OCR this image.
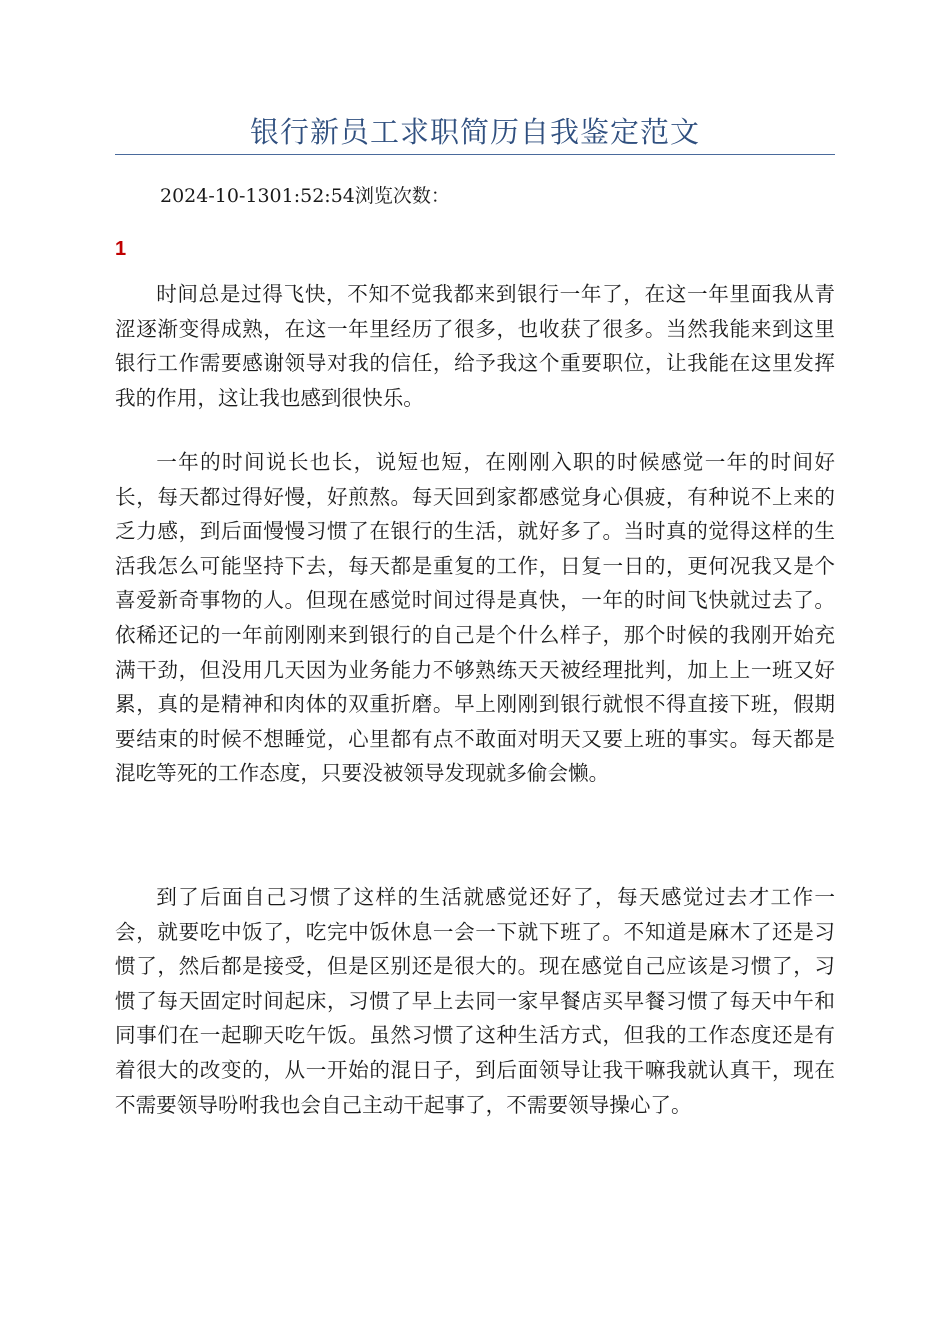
银行新员工求职简历自我鉴定范文
2024-10-1301:52:54浏览次数：
1

时间总是过得飞快，不知不觉我都来到银行一年了，在这一年里面我从青涩逐渐变得成熟，在这一年里经历了很多，也收获了很多。当然我能来到这里银行工作需要感谢领导对我的信任，给予我这个重要职位，让我能在这里发挥我的作用，这让我也感到很快乐。

一年的时间说长也长，说短也短，在刚刚入职的时候感觉一年的时间好长，每天都过得好慢，好煎熬。每天回到家都感觉身心俱疲，有种说不上来的乏力感，到后面慢慢习惯了在银行的生活，就好多了。当时真的觉得这样的生活我怎么可能坚持下去，每天都是重复的工作，日复一日的，更何况我又是个喜爱新奇事物的人。但现在感觉时间过得是真快，一年的时间飞快就过去了。依稀还记的一年前刚刚来到银行的自己是个什么样子，那个时候的我刚开始充满干劲，但没用几天因为业务能力不够熟练天天被经理批判，加上上一班又好累，真的是精神和肉体的双重折磨。早上刚刚到银行就恨不得直接下班，假期要结束的时候不想睡觉，心里都有点不敢面对明天又要上班的事实。每天都是混吃等死的工作态度，只要没被领导发现就多偷会懒。

到了后面自己习惯了这样的生活就感觉还好了，每天感觉过去才工作一会，就要吃中饭了，吃完中饭休息一会一下就下班了。不知道是麻木了还是习惯了，然后都是接受，但是区别还是很大的。现在感觉自己应该是习惯了，习惯了每天固定时间起床，习惯了早上去同一家早餐店买早餐习惯了每天中午和同事们在一起聊天吃午饭。虽然习惯了这种生活方式，但我的工作态度还是有着很大的改变的，从一开始的混日子，到后面领导让我干嘛我就认真干，现在不需要领导吩咐我也会自己主动干起事了，不需要领导操心了。
